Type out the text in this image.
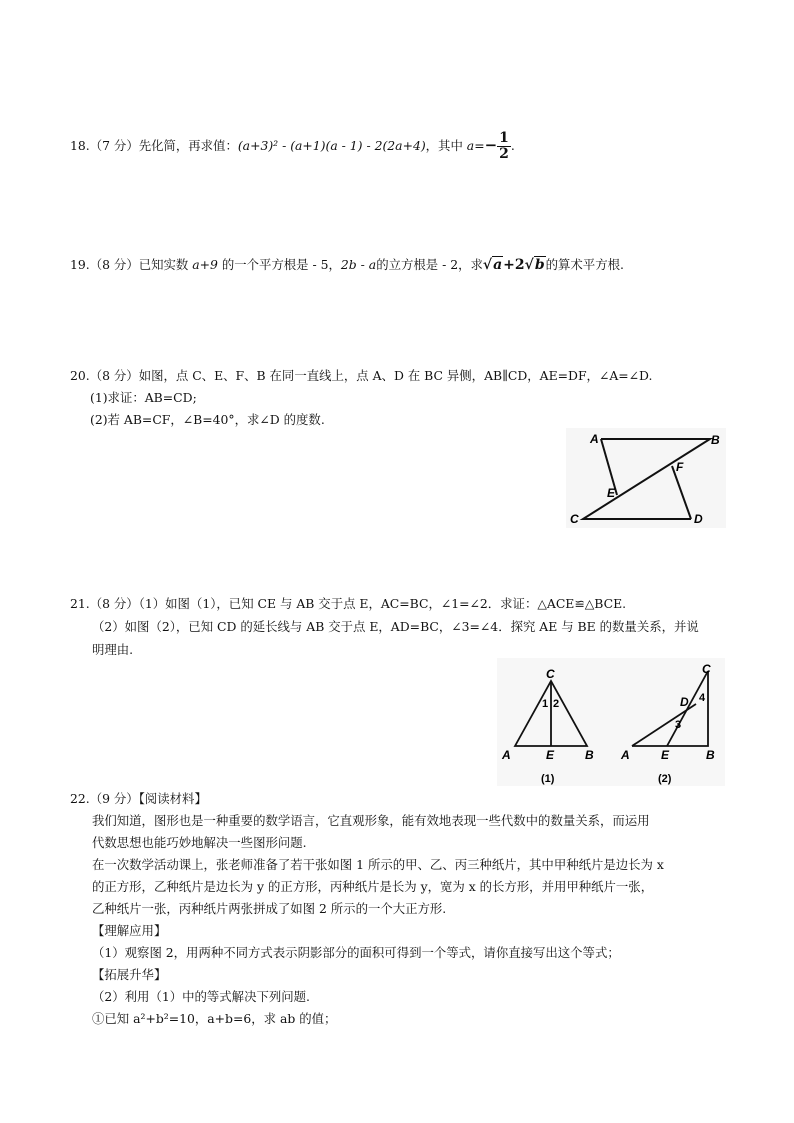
18.（7 分）先化简，再求值：(a+3)² - (a+1)(a - 1) - 2(2a+4)，其中 $a=- \frac{1}{2}$ .
19.（8 分）已知实数 a+9 的一个平方根是 - 5，2b - a的立方根是 - 2，求√a+2√b的算术平方根.
20.（8 分）如图，点 C、E、F、B 在同一直线上，点 A、D 在 BC 异侧，AB∥CD，AE=DF，∠A=∠D.
(1)求证：AB=CD;
(2)若 AB=CF，∠B=40°，求∠D 的度数.
A	B
C	D
E
F
21.（8 分）（1）如图（1），已知 CE 与 AB 交于点 E，AC=BC，∠1=∠2．求证：△ACE≌△BCE.
（2）如图（2），已知 CD 的延长线与 AB 交于点 E，AD=BC，∠3=∠4．探究 AE 与 BE 的数量关系，并说
明理由.
C
A	E	B
1 2
(1)
C
D
A	E	B
3
4
(2)
22.（9 分）【阅读材料】
我们知道，图形也是一种重要的数学语言，它直观形象，能有效地表现一些代数中的数量关系，而运用
代数思想也能巧妙地解决一些图形问题.
在一次数学活动课上，张老师准备了若干张如图 1 所示的甲、乙、丙三种纸片，其中甲种纸片是边长为 x
的正方形，乙种纸片是边长为 y 的正方形，丙种纸片是长为 y，宽为 x 的长方形，并用甲种纸片一张，
乙种纸片一张，丙种纸片两张拼成了如图 2 所示的一个大正方形.
【理解应用】
（1）观察图 2，用两种不同方式表示阴影部分的面积可得到一个等式，请你直接写出这个等式；
【拓展升华】
（2）利用（1）中的等式解决下列问题.
①已知 a²+b²=10，a+b=6，求 ab 的值；
